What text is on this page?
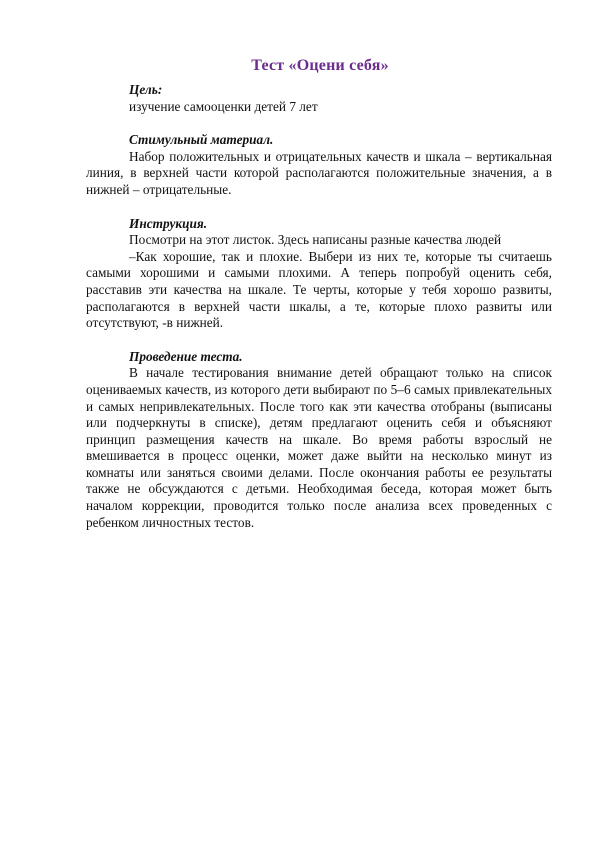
Тест «Оцени себя»

Цель:

изучение самооценки детей 7 лет

Стимульный материал.

Набор положительных и отрицательных качеств и шкала – вертикальная линия, в верхней части которой располагаются положительные значения, а в нижней – отрицательные.

Инструкция.

Посмотри на этот листок. Здесь написаны разные качества людей

–Как хорошие, так и плохие. Выбери из них те, которые ты считаешь самыми хорошими и самыми плохими. А теперь попробуй оценить себя, расставив эти качества на шкале. Те черты, которые у тебя хорошо развиты, располагаются в верхней части шкалы, а те, которые плохо развиты или отсутствуют, -в нижней.

Проведение теста.

В начале тестирования внимание детей обращают только на список оцениваемых качеств, из которого дети выбирают по 5–6 самых привлекательных и самых непривлекательных. После того как эти качества отобраны (выписаны или подчеркнуты в списке), детям предлагают оценить себя и объясняют принцип размещения качеств на шкале. Во время работы взрослый не вмешивается в процесс оценки, может даже выйти на несколько минут из комнаты или заняться своими делами. После окончания работы ее результаты также не обсуждаются с детьми. Необходимая беседа, которая может быть началом коррекции, проводится только после анализа всех проведенных с ребенком личностных тестов.
